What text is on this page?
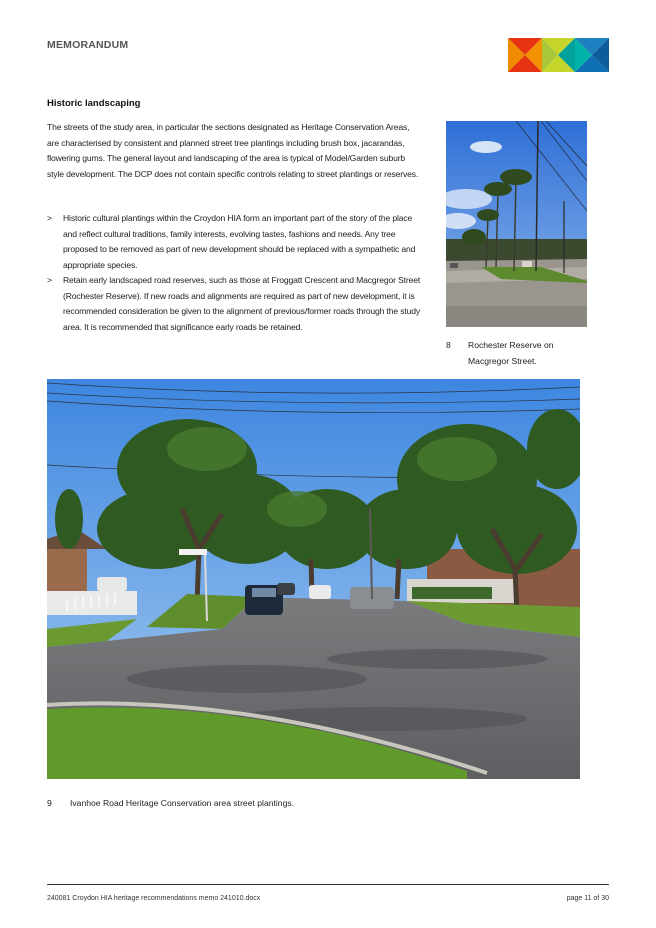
MEMORANDUM
Historic landscaping

The streets of the study area, in particular the sections designated as Heritage Conservation Areas, are characterised by consistent and planned street tree plantings including brush box, jacarandas, flowering gums. The general layout and landscaping of the area is typical of Model/Garden suburb style development. The DCP does not contain specific controls relating to street plantings or reserves.

> Historic cultural plantings within the Croydon HIA form an important part of the story of the place and reflect cultural traditions, family interests, evolving tastes, fashions and needs. Any tree proposed to be removed as part of new development should be replaced with a sympathetic and appropriate species.
> Retain early landscaped road reserves, such as those at Froggatt Crescent and Macgregor Street (Rochester Reserve). If new roads and alignments are required as part of new development, it is recommended consideration be given to the alignment of previous/former roads through the study area. It is recommended that significance early roads be retained.
8 Rochester Reserve on Macgregor Street.
9 Ivanhoe Road Heritage Conservation area street plantings.
240081 Croydon HIA heritage recommendations memo 241010.docx	page 11 of 30
